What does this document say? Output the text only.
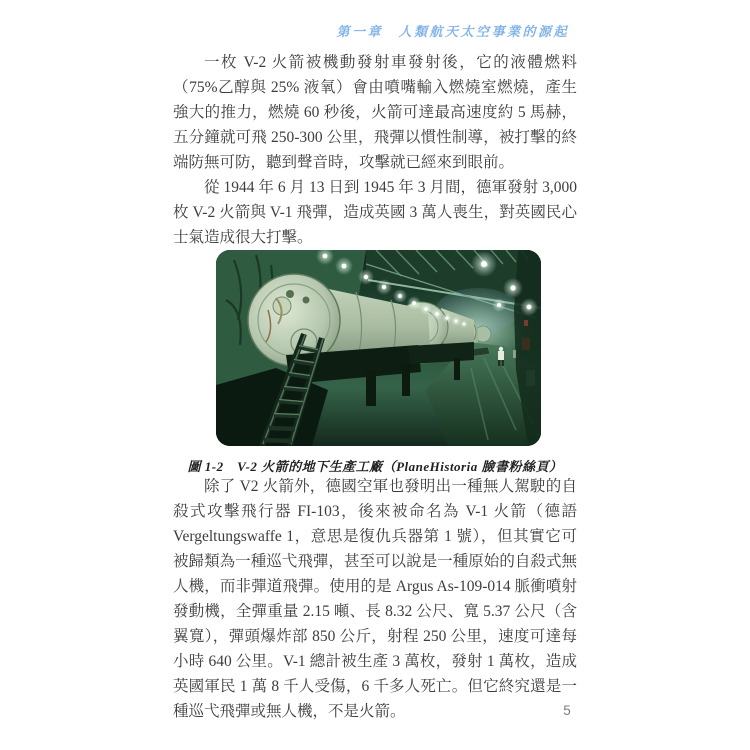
第一章　人類航天太空事業的源起

一枚 V-2 火箭被機動發射車發射後，它的液體燃料（75%乙醇與 25% 液氧）會由噴嘴輸入燃燒室燃燒，產生強大的推力，燃燒 60 秒後，火箭可達最高速度約 5 馬赫，五分鐘就可飛 250-300 公里，飛彈以慣性制導，被打擊的終端防無可防，聽到聲音時，攻擊就已經來到眼前。

從 1944 年 6 月 13 日到 1945 年 3 月間，德軍發射 3,000 枚 V-2 火箭與 V-1 飛彈，造成英國 3 萬人喪生，對英國民心士氣造成很大打擊。

圖 1-2　V-2 火箭的地下生產工廠（PlaneHistoria 臉書粉絲頁）

除了 V2 火箭外，德國空軍也發明出一種無人駕駛的自殺式攻擊飛行器 FI-103，後來被命名為 V-1 火箭（德語 Vergeltungswaffe 1，意思是復仇兵器第 1 號），但其實它可被歸類為一種巡弋飛彈，甚至可以說是一種原始的自殺式無人機，而非彈道飛彈。使用的是 Argus As-109-014 脈衝噴射發動機，全彈重量 2.15 噸、長 8.32 公尺、寬 5.37 公尺（含翼寬），彈頭爆炸部 850 公斤，射程 250 公里，速度可達每小時 640 公里。V-1 總計被生產 3 萬枚，發射 1 萬枚，造成英國軍民 1 萬 8 千人受傷，6 千多人死亡。但它終究還是一種巡弋飛彈或無人機，不是火箭。	5
